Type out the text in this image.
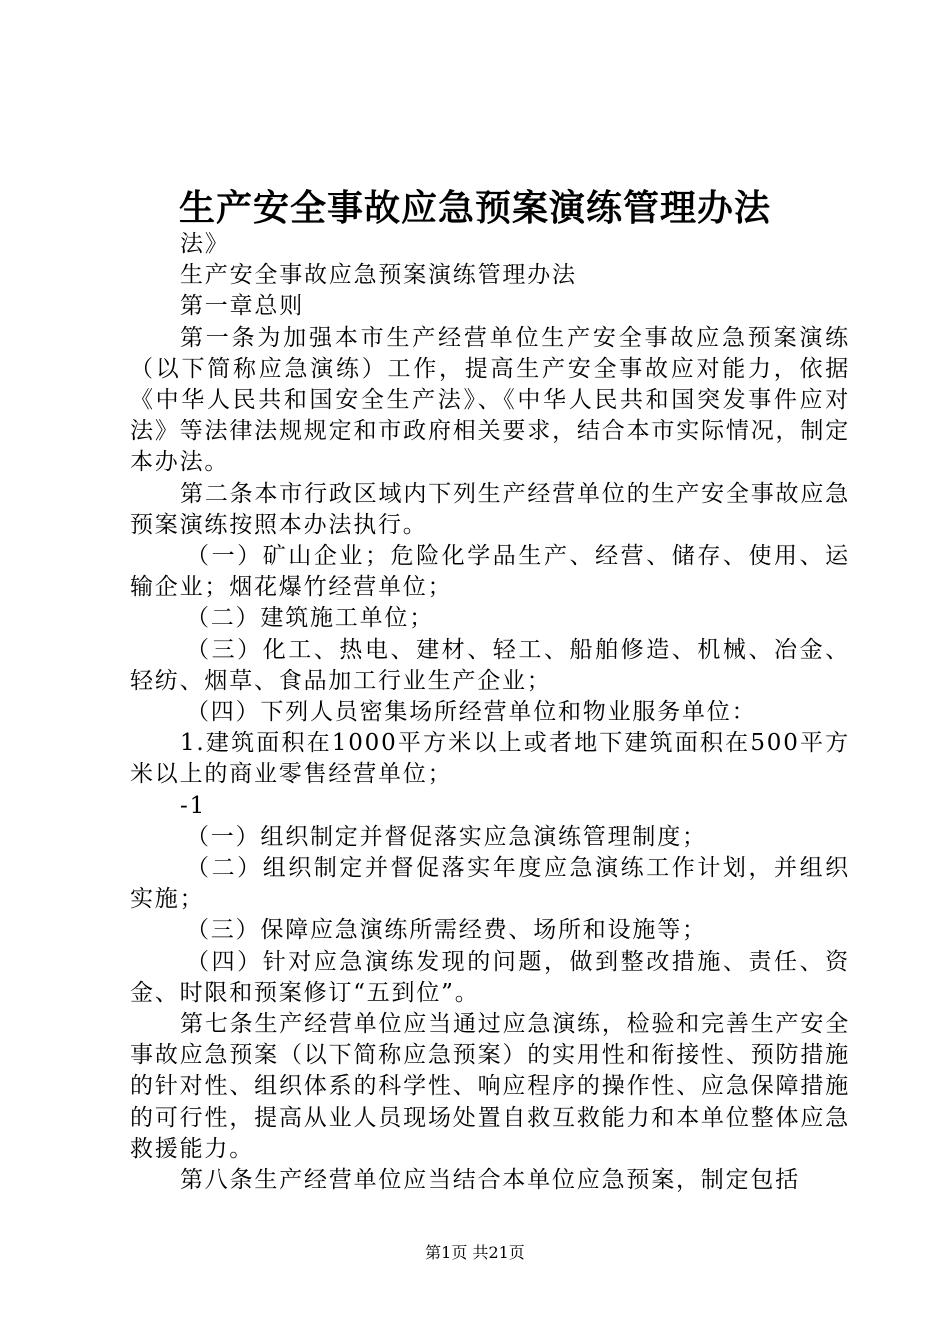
生产安全事故应急预案演练管理办法

法》

生产安全事故应急预案演练管理办法

第一章总则

第一条为加强本市生产经营单位生产安全事故应急预案演练（以下简称应急演练）工作，提高生产安全事故应对能力，依据《中华人民共和国安全生产法》、《中华人民共和国突发事件应对法》等法律法规规定和市政府相关要求，结合本市实际情况，制定本办法。

第二条本市行政区域内下列生产经营单位的生产安全事故应急预案演练按照本办法执行。

（一）矿山企业；危险化学品生产、经营、储存、使用、运输企业；烟花爆竹经营单位；

（二）建筑施工单位；

（三）化工、热电、建材、轻工、船舶修造、机械、冶金、轻纺、烟草、食品加工行业生产企业；

（四）下列人员密集场所经营单位和物业服务单位：

1.建筑面积在1000平方米以上或者地下建筑面积在500平方米以上的商业零售经营单位；

-1

（一）组织制定并督促落实应急演练管理制度；

（二）组织制定并督促落实年度应急演练工作计划，并组织实施；

（三）保障应急演练所需经费、场所和设施等；

（四）针对应急演练发现的问题，做到整改措施、责任、资金、时限和预案修订“五到位”。

第七条生产经营单位应当通过应急演练，检验和完善生产安全事故应急预案（以下简称应急预案）的实用性和衔接性、预防措施的针对性、组织体系的科学性、响应程序的操作性、应急保障措施的可行性，提高从业人员现场处置自救互救能力和本单位整体应急救援能力。

第八条生产经营单位应当结合本单位应急预案，制定包括

第1页 共21页
